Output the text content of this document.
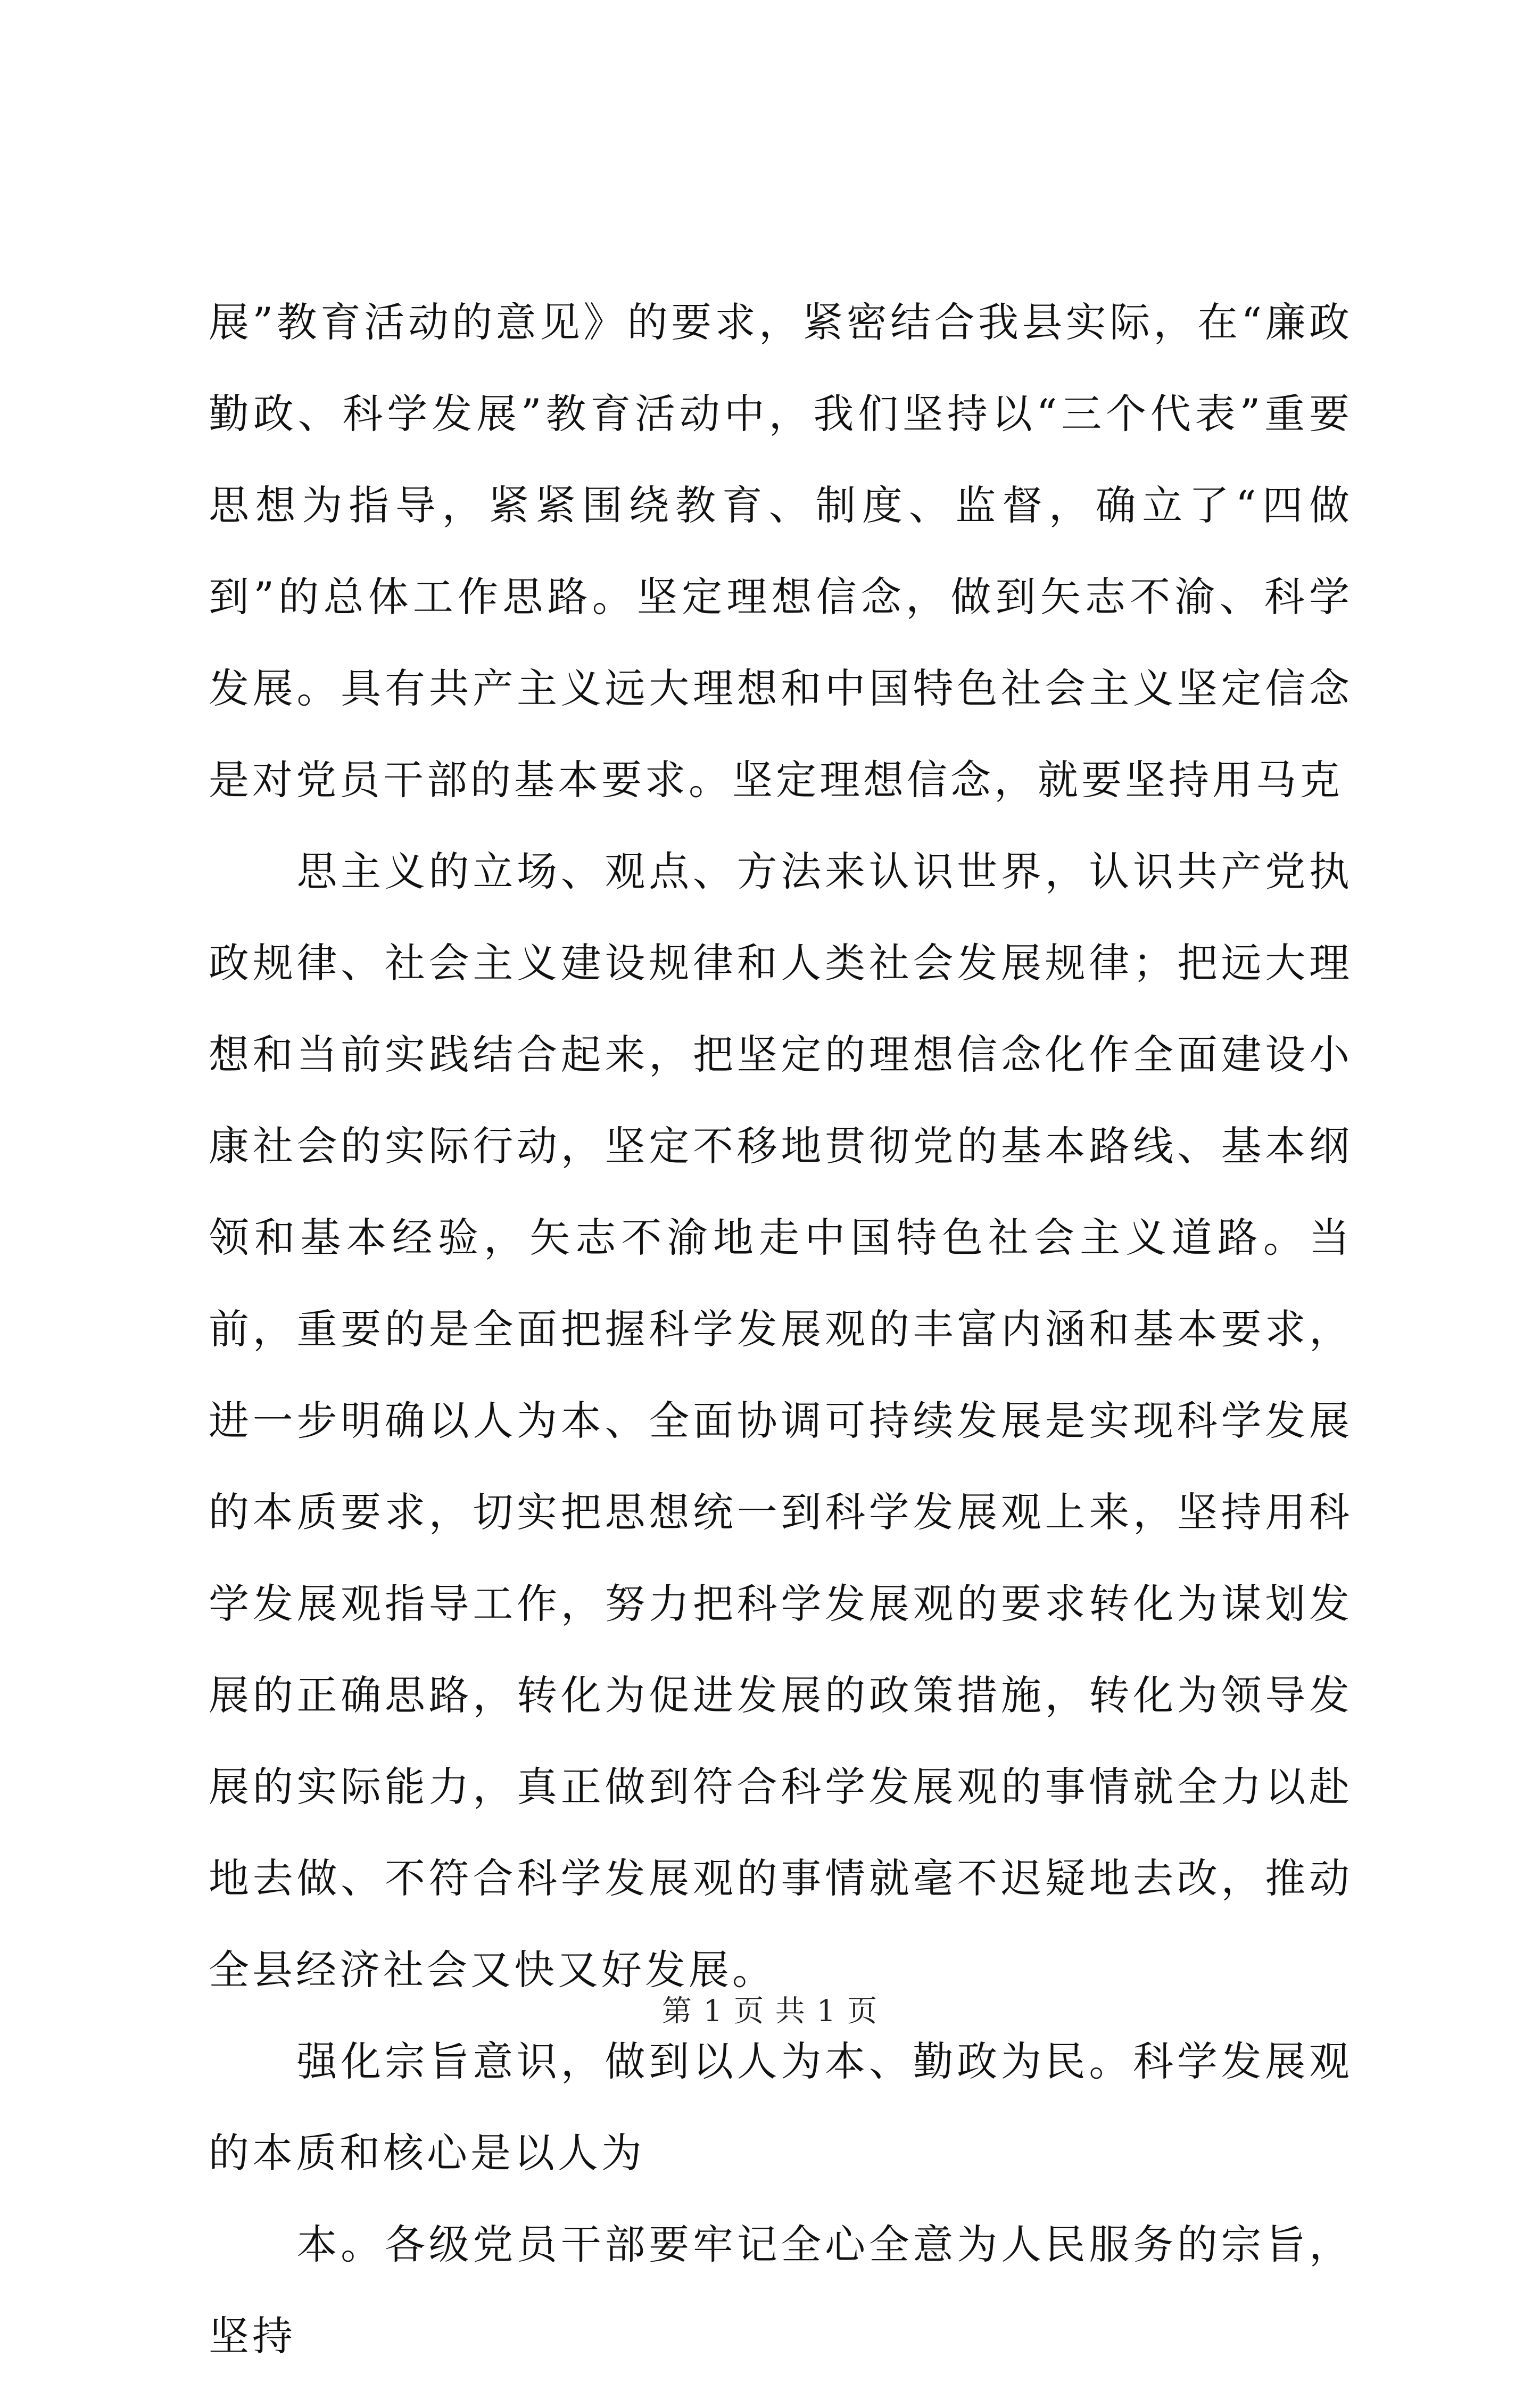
展”教育活动的意见》的要求，紧密结合我县实际，在“廉政勤政、科学发展”教育活动中，我们坚持以“三个代表”重要思想为指导，紧紧围绕教育、制度、监督，确立了“四做到”的总体工作思路。坚定理想信念，做到矢志不渝、科学发展。具有共产主义远大理想和中国特色社会主义坚定信念是对党员干部的基本要求。坚定理想信念，就要坚持用马克

　　思主义的立场、观点、方法来认识世界，认识共产党执政规律、社会主义建设规律和人类社会发展规律；把远大理想和当前实践结合起来，把坚定的理想信念化作全面建设小康社会的实际行动，坚定不移地贯彻党的基本路线、基本纲领和基本经验，矢志不渝地走中国特色社会主义道路。当前，重要的是全面把握科学发展观的丰富内涵和基本要求，进一步明确以人为本、全面协调可持续发展是实现科学发展的本质要求，切实把思想统一到科学发展观上来，坚持用科学发展观指导工作，努力把科学发展观的要求转化为谋划发展的正确思路，转化为促进发展的政策措施，转化为领导发展的实际能力，真正做到符合科学发展观的事情就全力以赴地去做、不符合科学发展观的事情就毫不迟疑地去改，推动全县经济社会又快又好发展。

　　强化宗旨意识，做到以人为本、勤政为民。科学发展观的本质和核心是以人为

　　本。各级党员干部要牢记全心全意为人民服务的宗旨，坚持

第 1 页 共 1 页
